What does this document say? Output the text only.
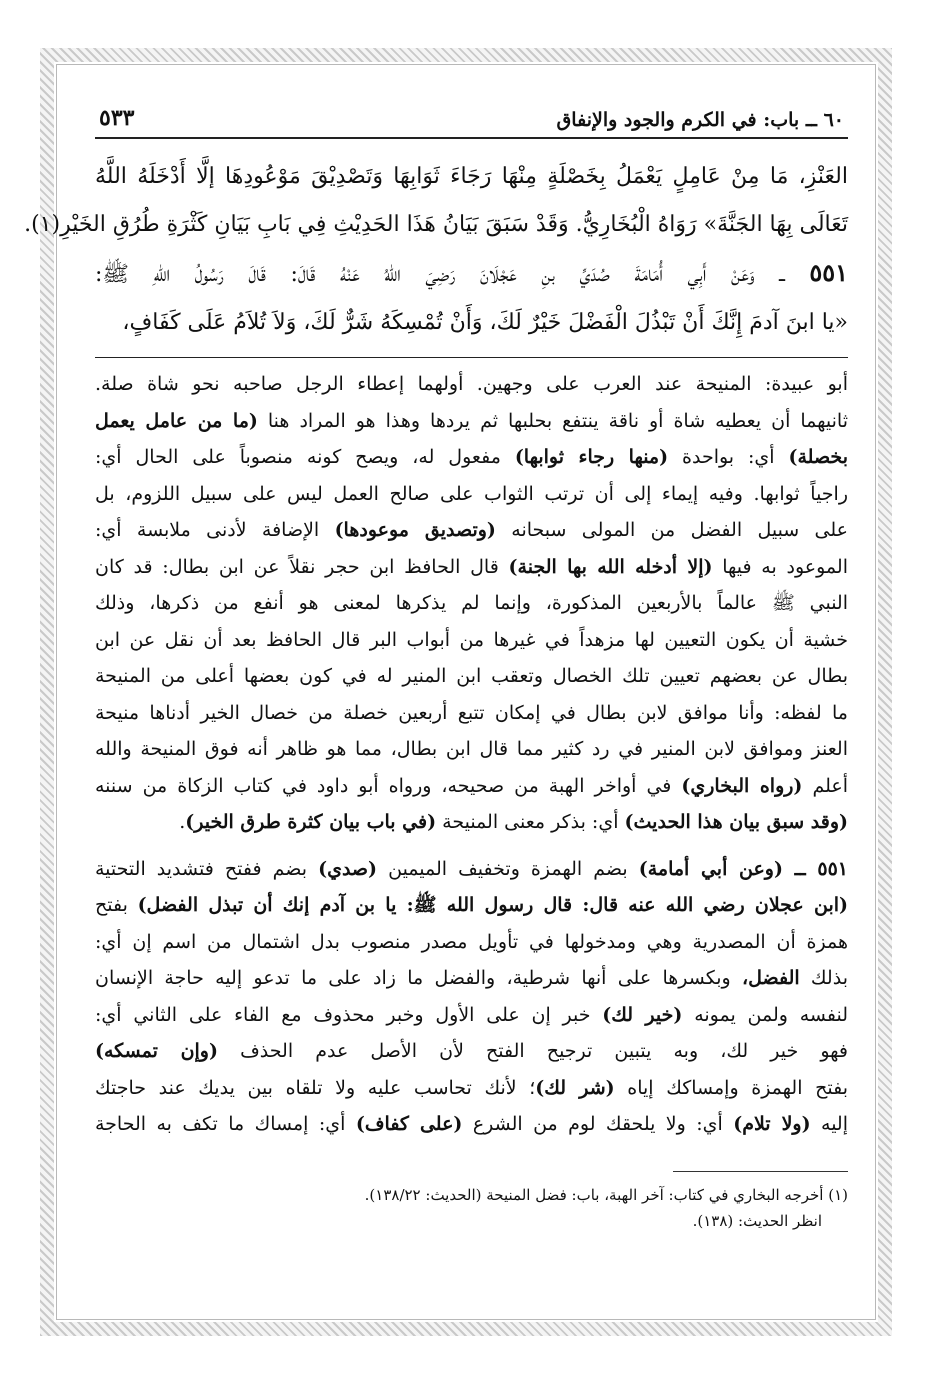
٦٠ ــ باب: في الكرم والجود والإنفاق
٥٣٣

العَنْزِ، مَا مِنْ عَامِلٍ يَعْمَلُ بِخَصْلَةٍ مِنْهَا رَجَاءَ ثَوَابِهَا وَتَصْدِيْقَ مَوْعُودِهَا إلَّا أَدْخَلَهُ اللَّهُ

تَعَالَى بِهَا الجَنَّةَ» رَوَاهُ الْبُخَارِيُّ. وَقَدْ سَبَقَ بَيَانُ هَذَا الحَدِيْثِ فِي بَابِ بَيَانِ كَثْرَةِ طُرُقِ الخَيْرِ(١).

٥٥١ ــ وَعَنْ أَبِي أُمَامَةَ صُدَيِّ بنِ عَجْلَانَ رَضِيَ اللهُ عَنْهُ قَالَ: قَالَ رَسُولُ اللهِ ﷺ:

«يا ابنَ آدمَ إِنَّكَ أَنْ تَبْذُلَ الْفَضْلَ خَيْرٌ لَكَ، وَأَنْ تُمْسِكَهُ شَرٌّ لَكَ، وَلاَ تُلاَمُ عَلَى كَفَافٍ،

أبو عبيدة: المنيحة عند العرب على وجهين. أولهما إعطاء الرجل صاحبه نحو شاة صلة.

ثانيهما أن يعطيه شاة أو ناقة ينتفع بحلبها ثم يردها وهذا هو المراد هنا (ما من عامل يعمل

بخصلة) أي: بواحدة (منها رجاء ثوابها) مفعول له، ويصح كونه منصوباً على الحال أي:

راجياً ثوابها. وفيه إيماء إلى أن ترتب الثواب على صالح العمل ليس على سبيل اللزوم، بل

على سبيل الفضل من المولى سبحانه (وتصديق موعودها) الإضافة لأدنى ملابسة أي:

الموعود به فيها (إلا أدخله الله بها الجنة) قال الحافظ ابن حجر نقلاً عن ابن بطال: قد كان

النبي ﷺ عالماً بالأربعين المذكورة، وإنما لم يذكرها لمعنى هو أنفع من ذكرها، وذلك

خشية أن يكون التعيين لها مزهداً في غيرها من أبواب البر قال الحافظ بعد أن نقل عن ابن

بطال عن بعضهم تعيين تلك الخصال وتعقب ابن المنير له في كون بعضها أعلى من المنيحة

ما لفظه: وأنا موافق لابن بطال في إمكان تتبع أربعين خصلة من خصال الخير أدناها منيحة

العنز وموافق لابن المنير في رد كثير مما قال ابن بطال، مما هو ظاهر أنه فوق المنيحة والله

أعلم (رواه البخاري) في أواخر الهبة من صحيحه، ورواه أبو داود في كتاب الزكاة من سننه

(وقد سبق بيان هذا الحديث) أي: بذكر معنى المنيحة (في باب بيان كثرة طرق الخير).

٥٥١ ــ (وعن أبي أمامة) بضم الهمزة وتخفيف الميمين (صدي) بضم ففتح فتشديد التحتية

(ابن عجلان رضي الله عنه قال: قال رسول الله ﷺ: يا بن آدم إنك أن تبذل الفضل) بفتح

همزة أن المصدرية وهي ومدخولها في تأويل مصدر منصوب بدل اشتمال من اسم إن أي:

بذلك الفضل، وبكسرها على أنها شرطية، والفضل ما زاد على ما تدعو إليه حاجة الإنسان

لنفسه ولمن يمونه (خير لك) خبر إن على الأول وخبر محذوف مع الفاء على الثاني أي:

فهو خير لك، وبه يتبين ترجيح الفتح لأن الأصل عدم الحذف (وإن تمسكه)

بفتح الهمزة وإمساكك إياه (شر لك)؛ لأنك تحاسب عليه ولا تلقاه بين يديك عند حاجتك

إليه (ولا تلام) أي: ولا يلحقك لوم من الشرع (على كفاف) أي: إمساك ما تكف به الحاجة

(١) أخرجه البخاري في كتاب: آخر الهبة، باب: فضل المنيحة (الحديث: ١٣٨/٢٢).

انظر الحديث: (١٣٨).
